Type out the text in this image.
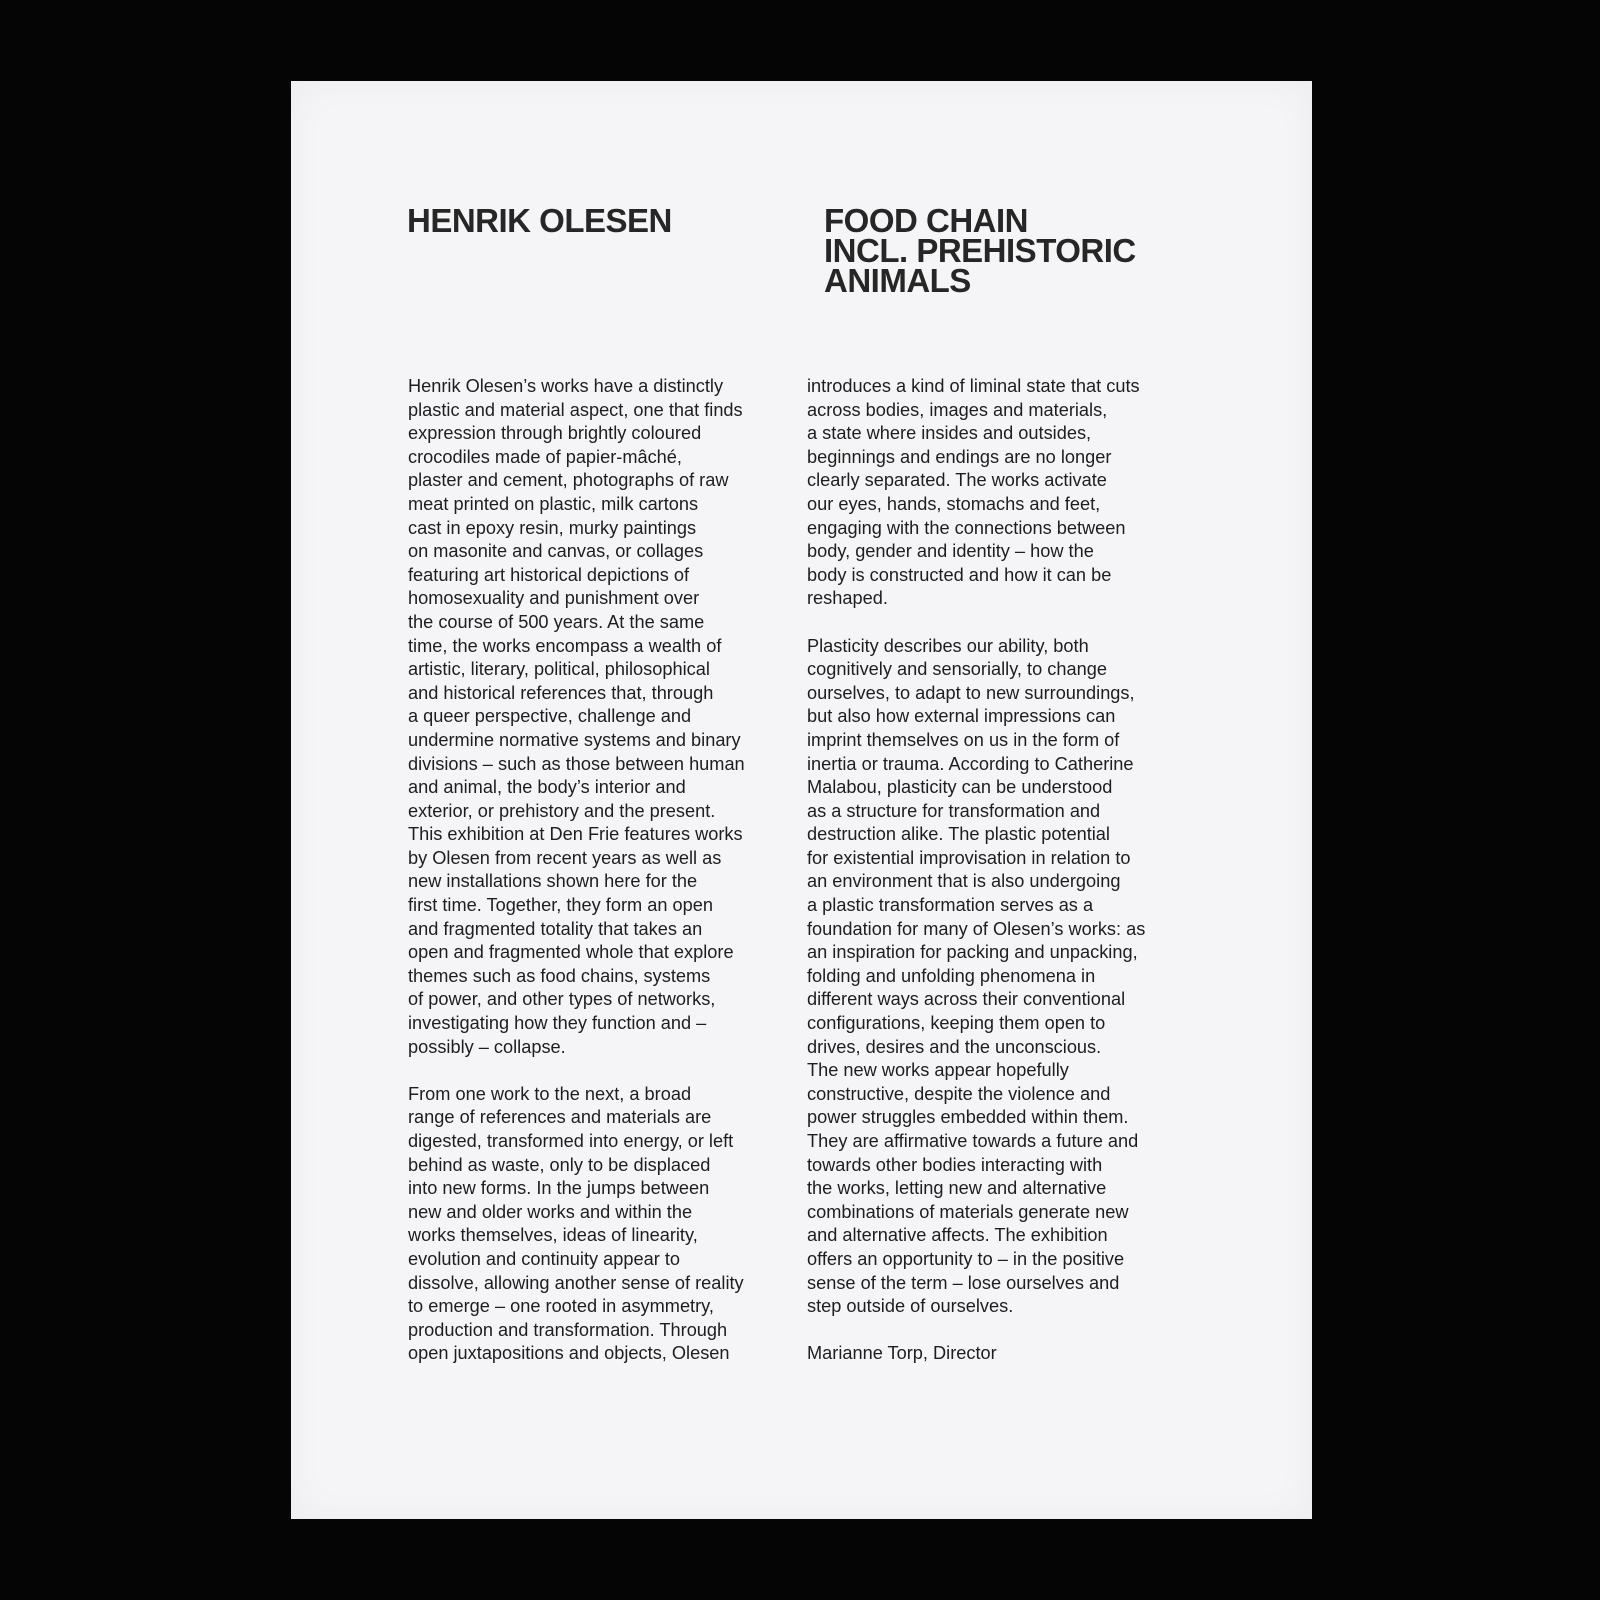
HENRIK OLESEN	FOOD CHAIN
INCL. PREHISTORIC
ANIMALS
Henrik Olesen’s works have a distinctly
plastic and material aspect, one that finds
expression through brightly coloured
crocodiles made of papier-mâché,
plaster and cement, photographs of raw
meat printed on plastic, milk cartons
cast in epoxy resin, murky paintings
on masonite and canvas, or collages
featuring art historical depictions of
homosexuality and punishment over
the course of 500 years. At the same
time, the works encompass a wealth of
artistic, literary, political, philosophical
and historical references that, through
a queer perspective, challenge and
undermine normative systems and binary
divisions – such as those between human
and animal, the body’s interior and
exterior, or prehistory and the present.
This exhibition at Den Frie features works
by Olesen from recent years as well as
new installations shown here for the
first time. Together, they form an open
and fragmented totality that takes an
open and fragmented whole that explore
themes such as food chains, systems
of power, and other types of networks,
investigating how they function and –
possibly – collapse.
From one work to the next, a broad
range of references and materials are
digested, transformed into energy, or left
behind as waste, only to be displaced
into new forms. In the jumps between
new and older works and within the
works themselves, ideas of linearity,
evolution and continuity appear to
dissolve, allowing another sense of reality
to emerge – one rooted in asymmetry,
production and transformation. Through
open juxtapositions and objects, Olesen
introduces a kind of liminal state that cuts
across bodies, images and materials,
a state where insides and outsides,
beginnings and endings are no longer
clearly separated. The works activate
our eyes, hands, stomachs and feet,
engaging with the connections between
body, gender and identity – how the
body is constructed and how it can be
reshaped.
Plasticity describes our ability, both
cognitively and sensorially, to change
ourselves, to adapt to new surroundings,
but also how external impressions can
imprint themselves on us in the form of
inertia or trauma. According to Catherine
Malabou, plasticity can be understood
as a structure for transformation and
destruction alike. The plastic potential
for existential improvisation in relation to
an environment that is also undergoing
a plastic transformation serves as a
foundation for many of Olesen’s works: as
an inspiration for packing and unpacking,
folding and unfolding phenomena in
different ways across their conventional
configurations, keeping them open to
drives, desires and the unconscious.
The new works appear hopefully
constructive, despite the violence and
power struggles embedded within them.
They are affirmative towards a future and
towards other bodies interacting with
the works, letting new and alternative
combinations of materials generate new
and alternative affects. The exhibition
offers an opportunity to – in the positive
sense of the term – lose ourselves and
step outside of ourselves.
Marianne Torp, Director
